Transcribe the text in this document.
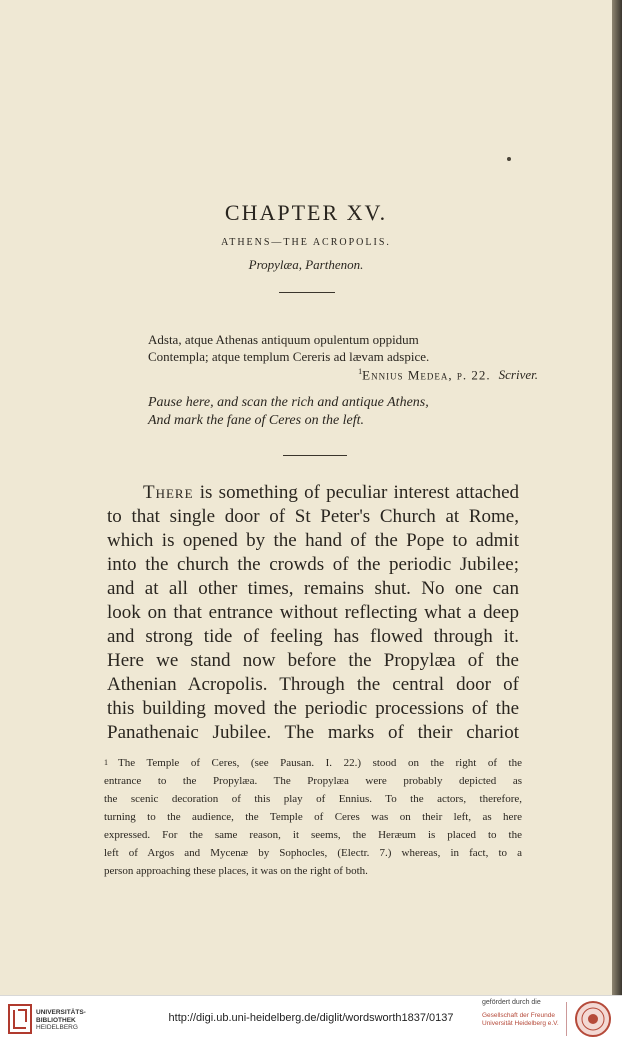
CHAPTER XV.
ATHENS—THE ACROPOLIS.
Propylæa, Parthenon.
Adsta, atque Athenas antiquum opulentum oppidum
Contempla; atque templum Cereris ad lævam adspice.
$^1$Ennius Medea, p. 22. Scriver.
Pause here, and scan the rich and antique Athens,
And mark the fane of Ceres on the left.
There is something of peculiar interest attached
to that single door of St Peter's Church at Rome,
which is opened by the hand of the Pope to admit
into the church the crowds of the periodic Jubilee;
and at all other times, remains shut. No one can
look on that entrance without reflecting what a deep
and strong tide of feeling has flowed through it.
Here we stand now before the Propylæa of the
Athenian Acropolis. Through the central door of
this building moved the periodic processions of the
Panathenaic Jubilee. The marks of their chariot
$^1$ The Temple of Ceres, (see Pausan. I. 22.) stood on the right of the
entrance to the Propylæa. The Propylæa were probably depicted as
the scenic decoration of this play of Ennius. To the actors, therefore,
turning to the audience, the Temple of Ceres was on their left, as here
expressed. For the same reason, it seems, the Heræum is placed to the
left of Argos and Mycenæ by Sophocles, (Electr. 7.) whereas, in fact, to a
person approaching these places, it was on the right of both.
UNIVERSITÄTS-
BIBLIOTHEK
HEIDELBERG
http://digi.ub.uni-heidelberg.de/diglit/wordsworth1837/0137
gefördert durch die
Gesellschaft der Freunde
Universität Heidelberg e.V.
